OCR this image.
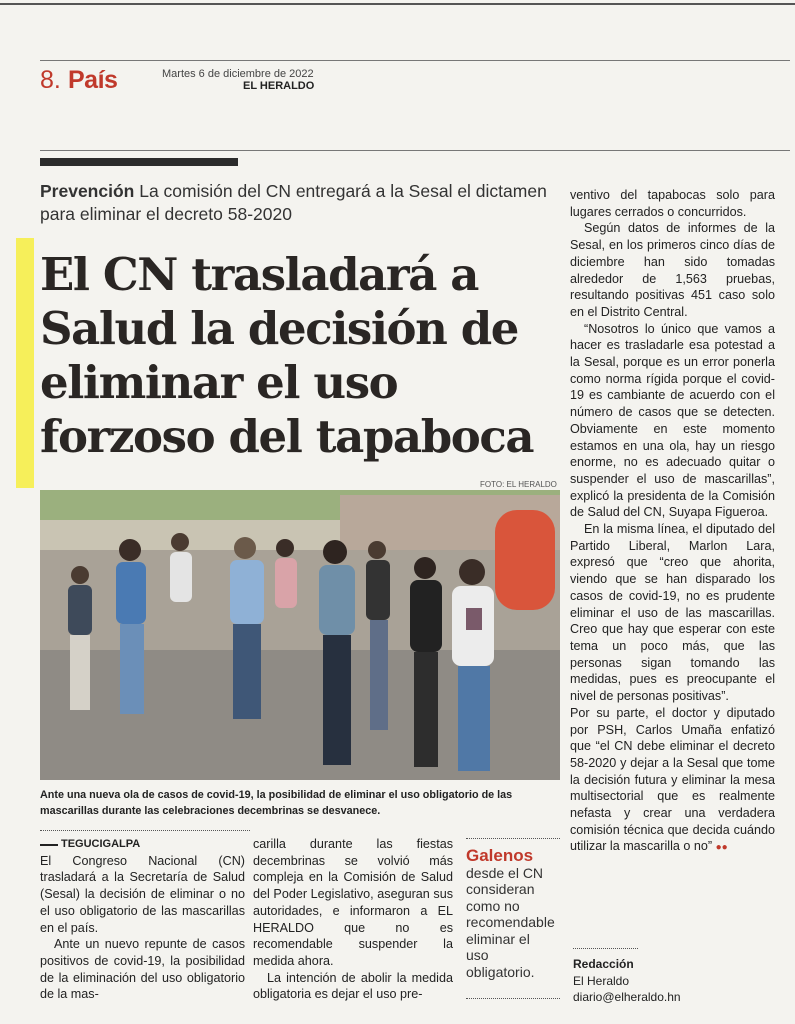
8. País	Martes 6 de diciembre de 2022
EL HERALDO
Prevención La comisión del CN entregará a la Sesal el dictamen para eliminar el decreto 58-2020
El CN trasladará a Salud la decisión de eliminar el uso forzoso del tapaboca
FOTO: EL HERALDO
Ante una nueva ola de casos de covid-19, la posibilidad de eliminar el uso obligatorio de las mascarillas durante las celebraciones decembrinas se desvanece.
TEGUCIGALPA

El Congreso Nacional (CN) trasladará a la Secretaría de Salud (Sesal) la decisión de eliminar o no el uso obligatorio de las mascarillas en el país.

Ante un nuevo repunte de casos positivos de covid-19, la posibilidad de la eliminación del uso obligatorio de la mas-

carilla durante las fiestas decembrinas se volvió más compleja en la Comisión de Salud del Poder Legislativo, aseguran sus autoridades, e informaron a EL HERALDO que no es recomendable suspender la medida ahora.

La intención de abolir la medida obligatoria es dejar el uso pre-

Galenos
desde el CN consideran como no recomendable eliminar el uso obligatorio.

ventivo del tapabocas solo para lugares cerrados o concurridos.

Según datos de informes de la Sesal, en los primeros cinco días de diciembre han sido tomadas alrededor de 1,563 pruebas, resultando positivas 451 caso solo en el Distrito Central.

“Nosotros lo único que vamos a hacer es trasladarle esa potestad a la Sesal, porque es un error ponerla como norma rígida porque el covid-19 es cambiante de acuerdo con el número de casos que se detecten. Obviamente en este momento estamos en una ola, hay un riesgo enorme, no es adecuado quitar o suspender el uso de mascarillas”, explicó la presidenta de la Comisión de Salud del CN, Suyapa Figueroa.

En la misma línea, el diputado del Partido Liberal, Marlon Lara, expresó que “creo que ahorita, viendo que se han disparado los casos de covid-19, no es prudente eliminar el uso de las mascarillas. Creo que hay que esperar con este tema un poco más, que las personas sigan tomando las medidas, pues es preocupante el nivel de personas positivas”.

Por su parte, el doctor y diputado por PSH, Carlos Umaña enfatizó que “el CN debe eliminar el decreto 58-2020 y dejar a la Sesal que tome la decisión futura y eliminar la mesa multisectorial que es realmente nefasta y crear una verdadera comisión técnica que decida cuándo utilizar la mascarilla o no” ●●
Redacción
El Heraldo
diario@elheraldo.hn
